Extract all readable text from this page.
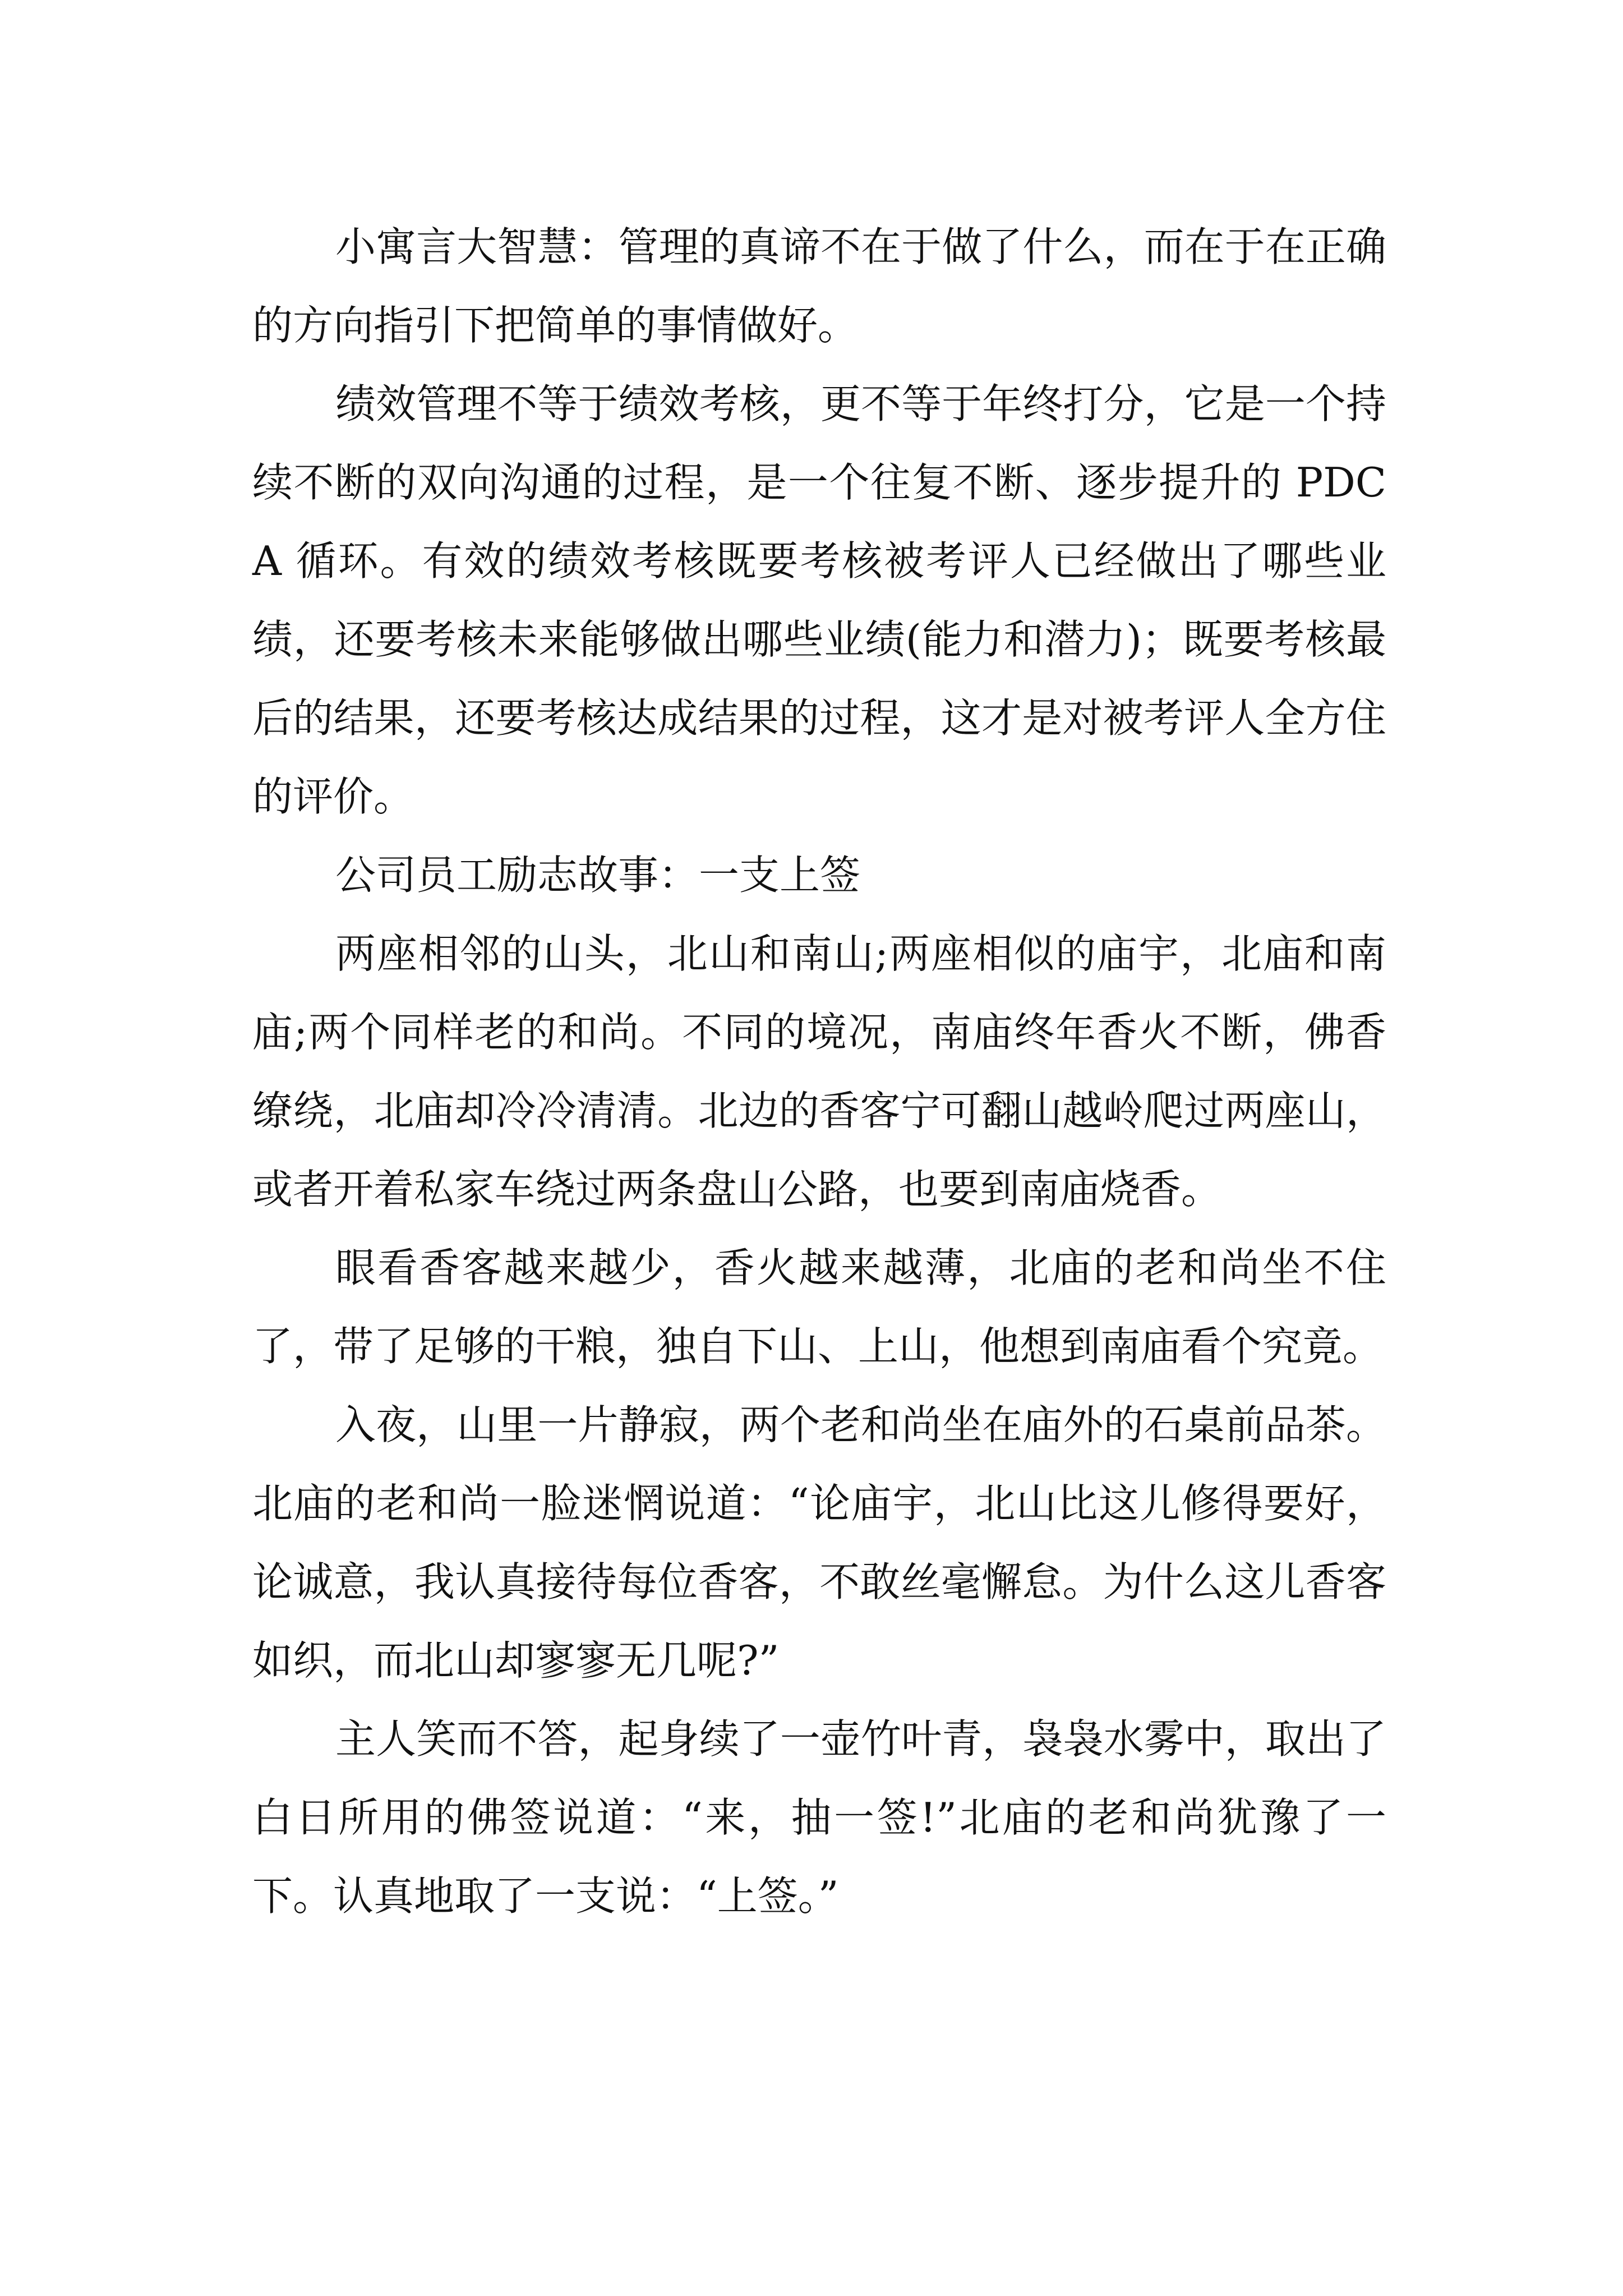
小寓言大智慧：管理的真谛不在于做了什么，而在于在正确的方向指引下把简单的事情做好。

绩效管理不等于绩效考核，更不等于年终打分，它是一个持续不断的双向沟通的过程，是一个往复不断、逐步提升的 PDCA 循环。有效的绩效考核既要考核被考评人已经做出了哪些业绩，还要考核未来能够做出哪些业绩(能力和潜力)；既要考核最后的结果，还要考核达成结果的过程，这才是对被考评人全方住的评价。

公司员工励志故事：一支上签

两座相邻的山头，北山和南山;两座相似的庙宇，北庙和南庙;两个同样老的和尚。不同的境况，南庙终年香火不断，佛香缭绕，北庙却冷冷清清。北边的香客宁可翻山越岭爬过两座山，或者开着私家车绕过两条盘山公路，也要到南庙烧香。

眼看香客越来越少，香火越来越薄，北庙的老和尚坐不住了，带了足够的干粮，独自下山、上山，他想到南庙看个究竟。

入夜，山里一片静寂，两个老和尚坐在庙外的石桌前品茶。北庙的老和尚一脸迷惘说道：“论庙宇，北山比这儿修得要好，论诚意，我认真接待每位香客，不敢丝毫懈怠。为什么这儿香客如织，而北山却寥寥无几呢?”

主人笑而不答，起身续了一壶竹叶青，袅袅水雾中，取出了白日所用的佛签说道：“来，抽一签!”北庙的老和尚犹豫了一下。认真地取了一支说：“上签。”
